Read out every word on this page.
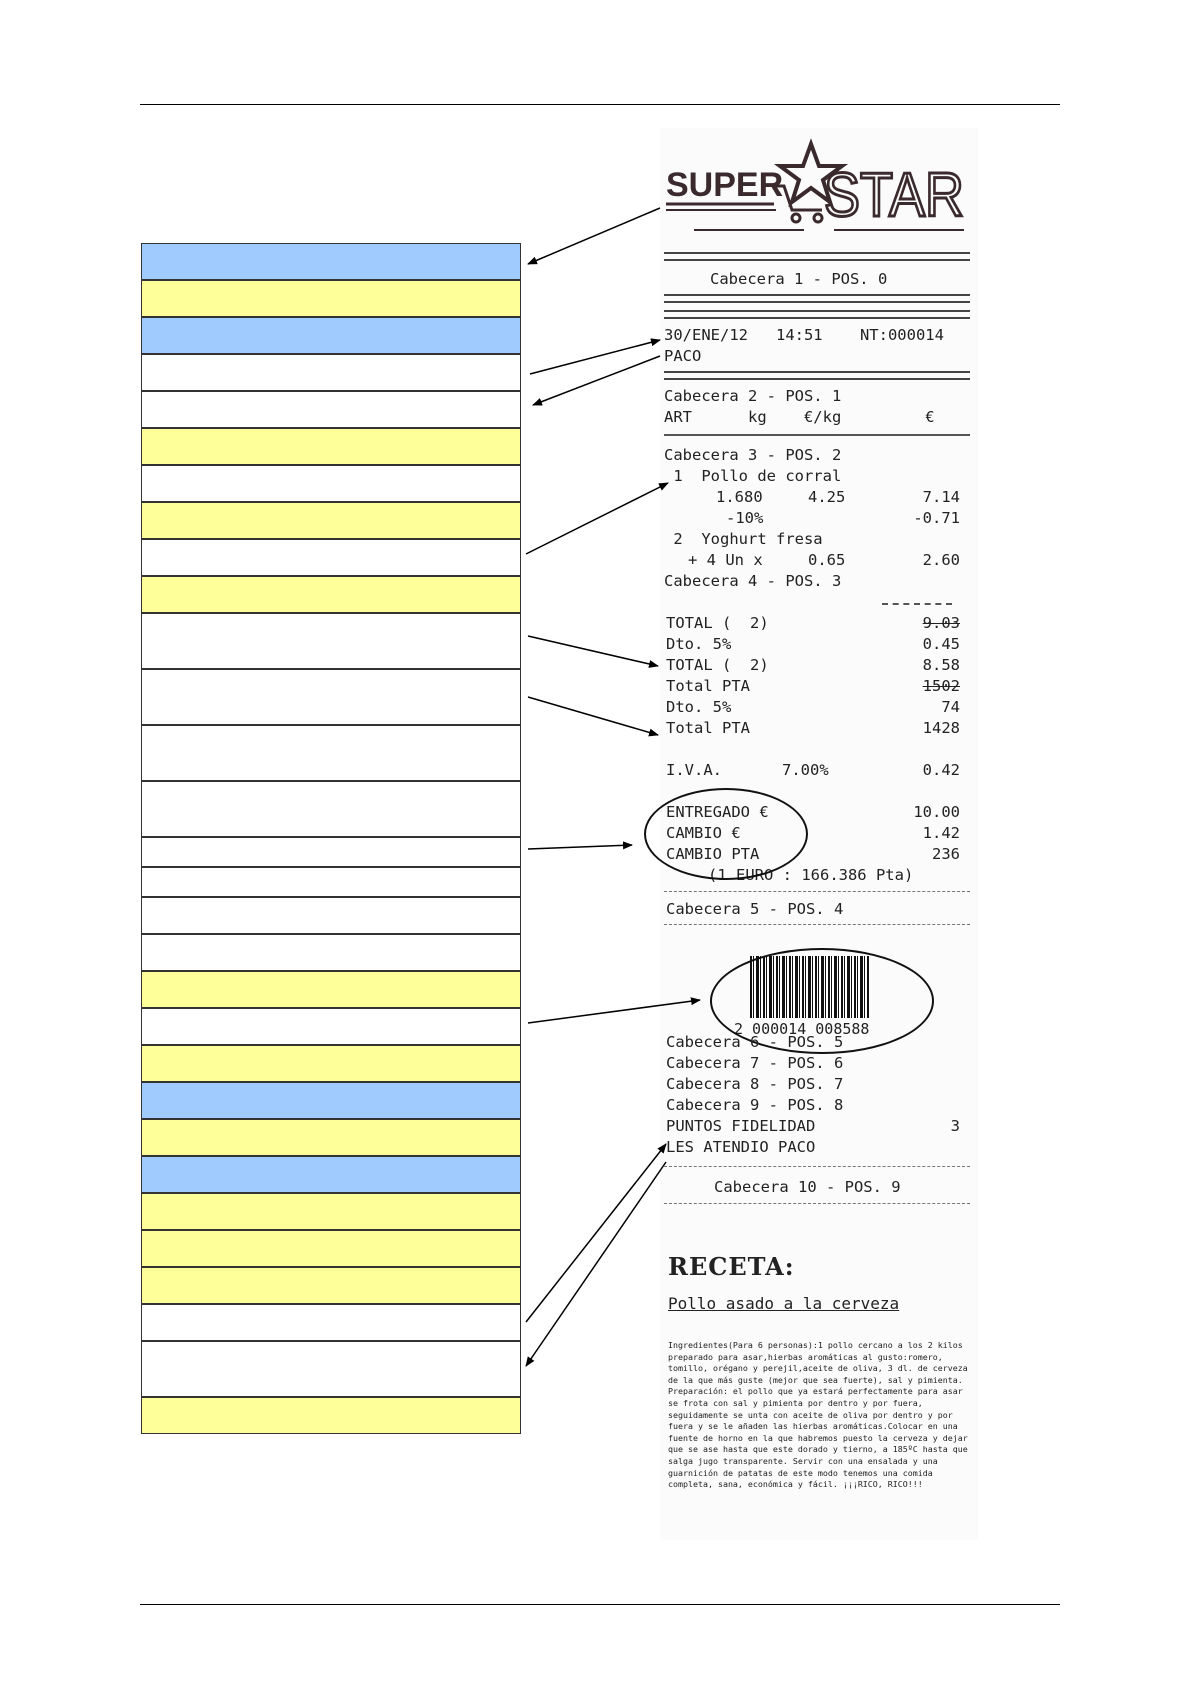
SUPER STAR
Cabecera 1 - POS. 0
30/ENE/12   14:51    NT:000014
PACO
Cabecera 2 - POS. 1
ART      kg    €/kg         €
Cabecera 3 - POS. 2
1  Pollo de corral
1.680	4.25	7.14
-10%	-0.71
2  Yoghurt fresa
+ 4 Un x	0.65	2.60
Cabecera 4 - POS. 3
TOTAL (  2)	9.03
Dto. 5%	0.45
TOTAL (  2)	8.58
Total PTA	1502
Dto. 5%	74
Total PTA	1428
I.V.A.	7.00%	0.42
ENTREGADO €	10.00
CAMBIO €	1.42
CAMBIO PTA	236
(1 EURO : 166.386 Pta)
Cabecera 5 - POS. 4
2 000014 008588
Cabecera 6 - POS. 5
Cabecera 7 - POS. 6
Cabecera 8 - POS. 7
Cabecera 9 - POS. 8
PUNTOS FIDELIDAD	3
LES ATENDIO PACO
Cabecera 10 - POS. 9
RECETA:
Pollo asado a la cerveza
Ingredientes(Para 6 personas):1 pollo cercano a los 2 kilos preparado para asar,hierbas aromáticas al gusto:romero, tomillo, orégano y perejil,aceite de oliva, 3 dl. de cerveza de la que más guste (mejor que sea fuerte), sal y pimienta. Preparación: el pollo que ya estará perfectamente para asar se frota con sal y pimienta por dentro y por fuera, seguidamente se unta con aceite de oliva por dentro y por fuera y se le añaden las hierbas aromáticas.Colocar en una fuente de horno en la que habremos puesto la cerveza y dejar que se ase hasta que este dorado y tierno, a 185ºC hasta que salga jugo transparente. Servir con una ensalada y una guarnición de patatas de este modo tenemos una comida completa, sana, económica y fácil. ¡¡¡RICO, RICO!!!
